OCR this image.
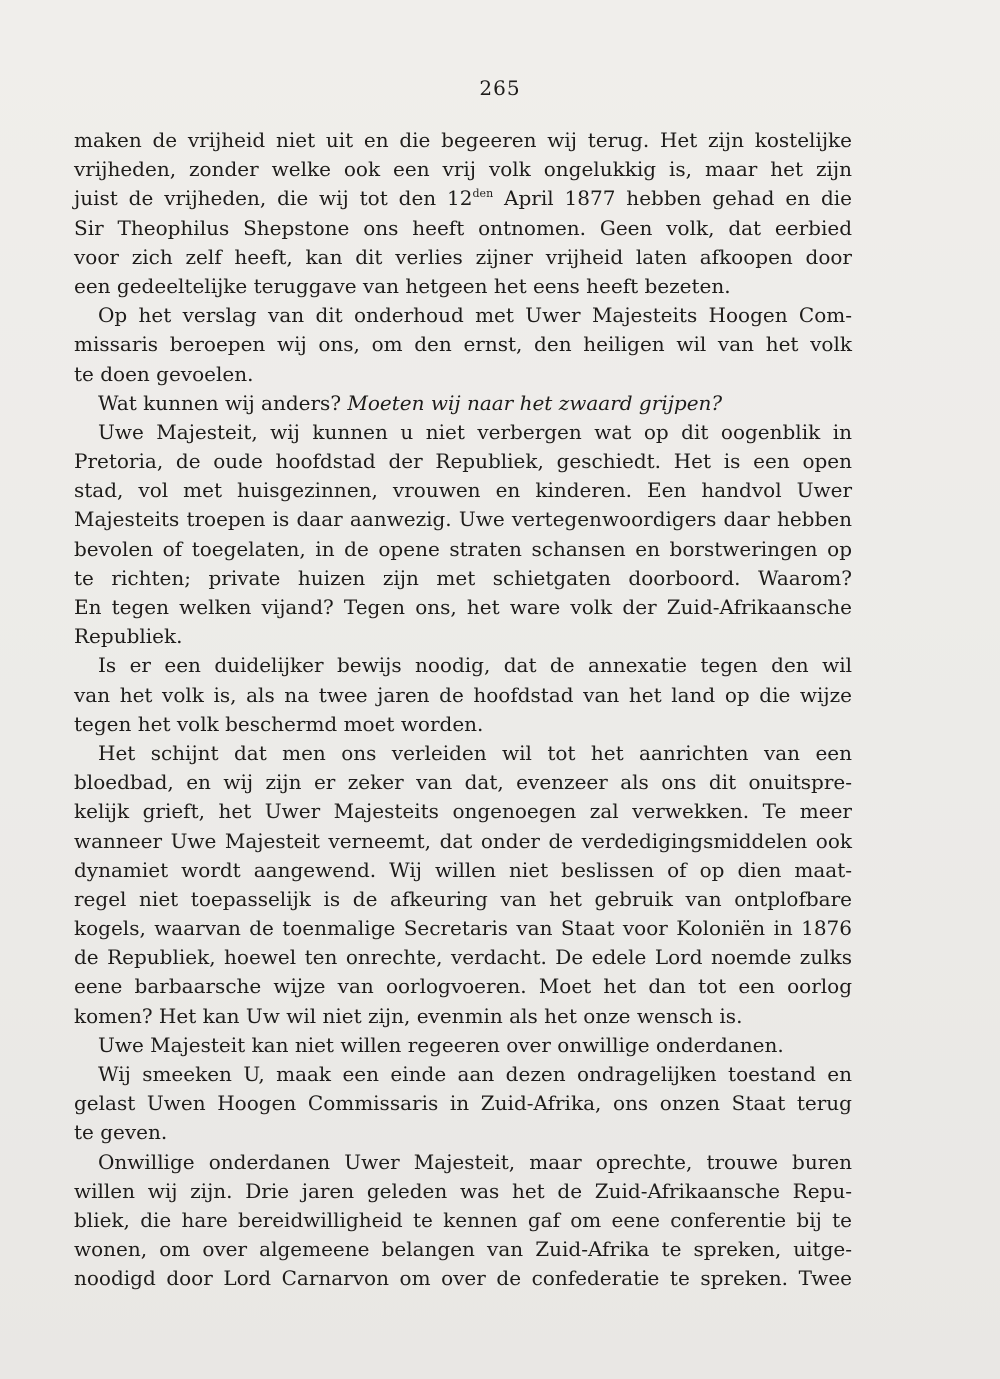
265
maken de vrijheid niet uit en die begeeren wij terug. Het zijn kostelijke
vrijheden, zonder welke ook een vrij volk ongelukkig is, maar het zijn
juist de vrijheden, die wij tot den $12^{den}$ April 1877 hebben gehad en die
Sir Theophilus Shepstone ons heeft ontnomen. Geen volk, dat eerbied
voor zich zelf heeft, kan dit verlies zijner vrijheid laten afkoopen door
een gedeeltelijke teruggave van hetgeen het eens heeft bezeten.
Op het verslag van dit onderhoud met Uwer Majesteits Hoogen Com-
missaris beroepen wij ons, om den ernst, den heiligen wil van het volk
te doen gevoelen.
Wat kunnen wij anders? Moeten wij naar het zwaard grijpen?
Uwe Majesteit, wij kunnen u niet verbergen wat op dit oogenblik in
Pretoria, de oude hoofdstad der Republiek, geschiedt. Het is een open
stad, vol met huisgezinnen, vrouwen en kinderen. Een handvol Uwer
Majesteits troepen is daar aanwezig. Uwe vertegenwoordigers daar hebben
bevolen of toegelaten, in de opene straten schansen en borstweringen op
te richten; private huizen zijn met schietgaten doorboord. Waarom?
En tegen welken vijand? Tegen ons, het ware volk der Zuid-Afrikaansche
Republiek.
Is er een duidelijker bewijs noodig, dat de annexatie tegen den wil
van het volk is, als na twee jaren de hoofdstad van het land op die wijze
tegen het volk beschermd moet worden.
Het schijnt dat men ons verleiden wil tot het aanrichten van een
bloedbad, en wij zijn er zeker van dat, evenzeer als ons dit onuitspre-
kelijk grieft, het Uwer Majesteits ongenoegen zal verwekken. Te meer
wanneer Uwe Majesteit verneemt, dat onder de verdedigingsmiddelen ook
dynamiet wordt aangewend. Wij willen niet beslissen of op dien maat-
regel niet toepasselijk is de afkeuring van het gebruik van ontplofbare
kogels, waarvan de toenmalige Secretaris van Staat voor Koloniën in 1876
de Republiek, hoewel ten onrechte, verdacht. De edele Lord noemde zulks
eene barbaarsche wijze van oorlogvoeren. Moet het dan tot een oorlog
komen? Het kan Uw wil niet zijn, evenmin als het onze wensch is.
Uwe Majesteit kan niet willen regeeren over onwillige onderdanen.
Wij smeeken U, maak een einde aan dezen ondragelijken toestand en
gelast Uwen Hoogen Commissaris in Zuid-Afrika, ons onzen Staat terug
te geven.
Onwillige onderdanen Uwer Majesteit, maar oprechte, trouwe buren
willen wij zijn. Drie jaren geleden was het de Zuid-Afrikaansche Repu-
bliek, die hare bereidwilligheid te kennen gaf om eene conferentie bij te
wonen, om over algemeene belangen van Zuid-Afrika te spreken, uitge-
noodigd door Lord Carnarvon om over de confederatie te spreken. Twee
